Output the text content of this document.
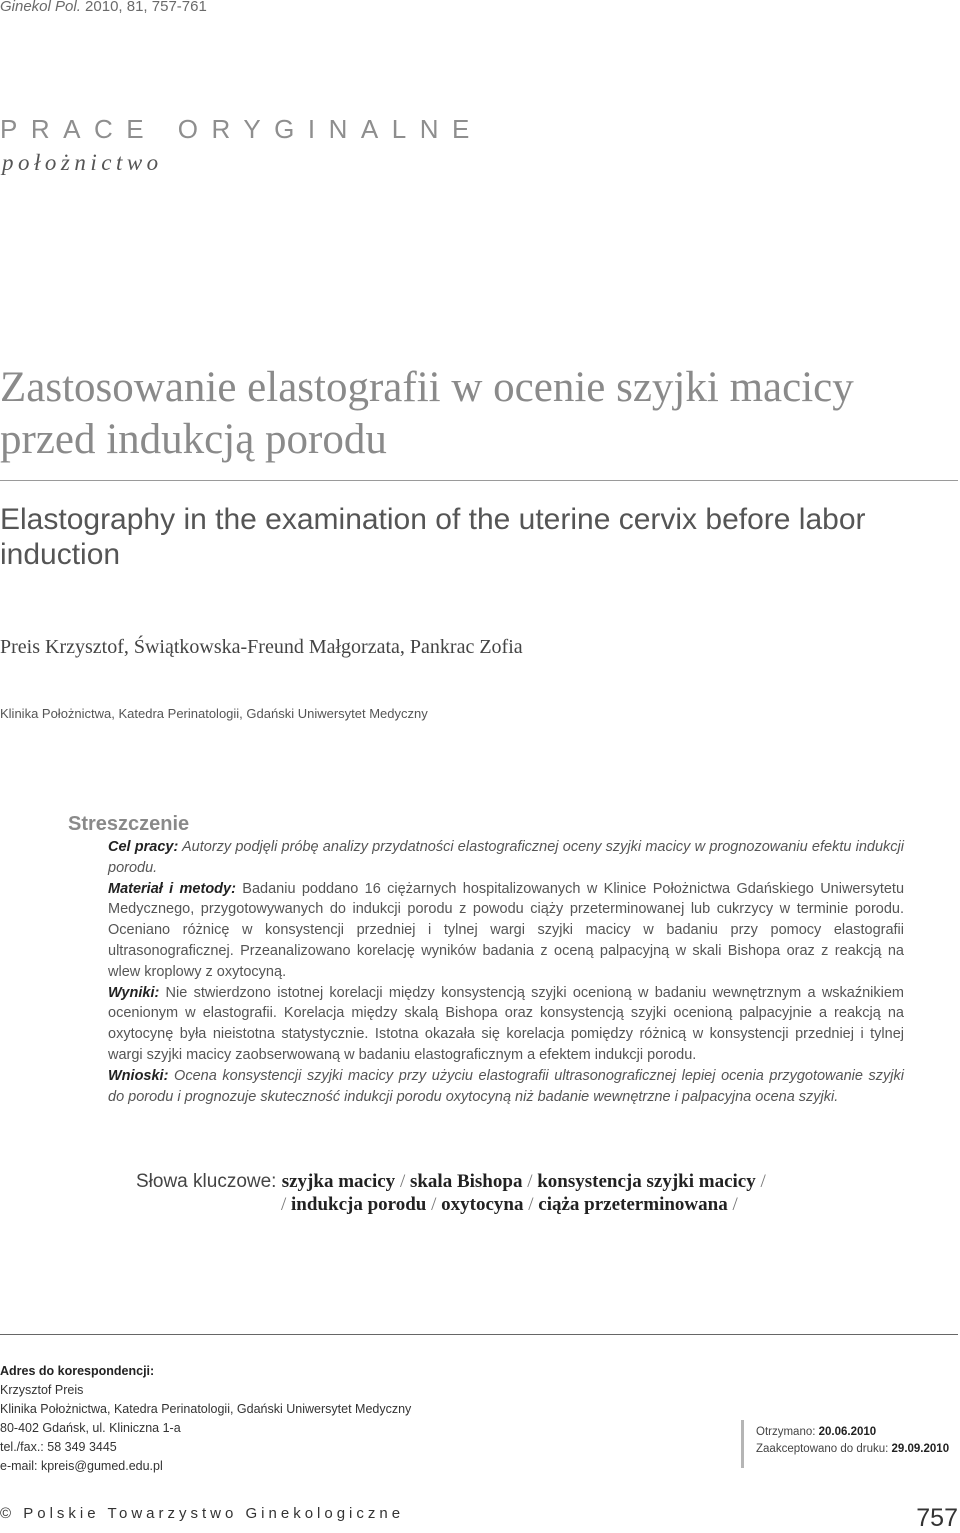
Ginekol Pol. 2010, 81, 757-761
PRACE ORYGINALNE
położnictwo
Zastosowanie elastografii w ocenie szyjki macicy przed indukcją porodu
Elastography in the examination of the uterine cervix before labor induction
Preis Krzysztof, Świątkowska-Freund Małgorzata, Pankrac Zofia
Klinika Położnictwa, Katedra Perinatologii, Gdański Uniwersytet Medyczny
Streszczenie

Cel pracy: Autorzy podjęli próbę analizy przydatności elastograficznej oceny szyjki macicy w prognozowaniu efektu indukcji porodu.

Materiał i metody: Badaniu poddano 16 ciężarnych hospitalizowanych w Klinice Położnictwa Gdańskiego Uniwersytetu Medycznego, przygotowywanych do indukcji porodu z powodu ciąży przeterminowanej lub cukrzycy w terminie porodu. Oceniano różnicę w konsystencji przedniej i tylnej wargi szyjki macicy w badaniu przy pomocy elastografii ultrasonograficznej. Przeanalizowano korelację wyników badania z oceną palpacyjną w skali Bishopa oraz z reakcją na wlew kroplowy z oxytocyną.

Wyniki: Nie stwierdzono istotnej korelacji między konsystencją szyjki ocenioną w badaniu wewnętrznym a wskaźnikiem ocenionym w elastografii. Korelacja między skalą Bishopa oraz konsystencją szyjki ocenioną palpacyjnie a reakcją na oxytocynę była nieistotna statystycznie. Istotna okazała się korelacja pomiędzy różnicą w konsystencji przedniej i tylnej wargi szyjki macicy zaobserwowaną w badaniu elastograficznym a efektem indukcji porodu.

Wnioski: Ocena konsystencji szyjki macicy przy użyciu elastografii ultrasonograficznej lepiej ocenia przygotowanie szyjki do porodu i prognozuje skuteczność indukcji porodu oxytocyną niż badanie wewnętrzne i palpacyjna ocena szyjki.

Słowa kluczowe: szyjka macicy / skala Bishopa / konsystencja szyjki macicy /
/ indukcja porodu / oxytocyna / ciąża przeterminowana /
Adres do korespondencji:
Krzysztof Preis
Klinika Położnictwa, Katedra Perinatologii, Gdański Uniwersytet Medyczny
80-402 Gdańsk, ul. Kliniczna 1-a
tel./fax.: 58 349 3445
e-mail: kpreis@gumed.edu.pl
Otrzymano: 20.06.2010
Zaakceptowano do druku: 29.09.2010
© Polskie Towarzystwo Ginekologiczne	757
